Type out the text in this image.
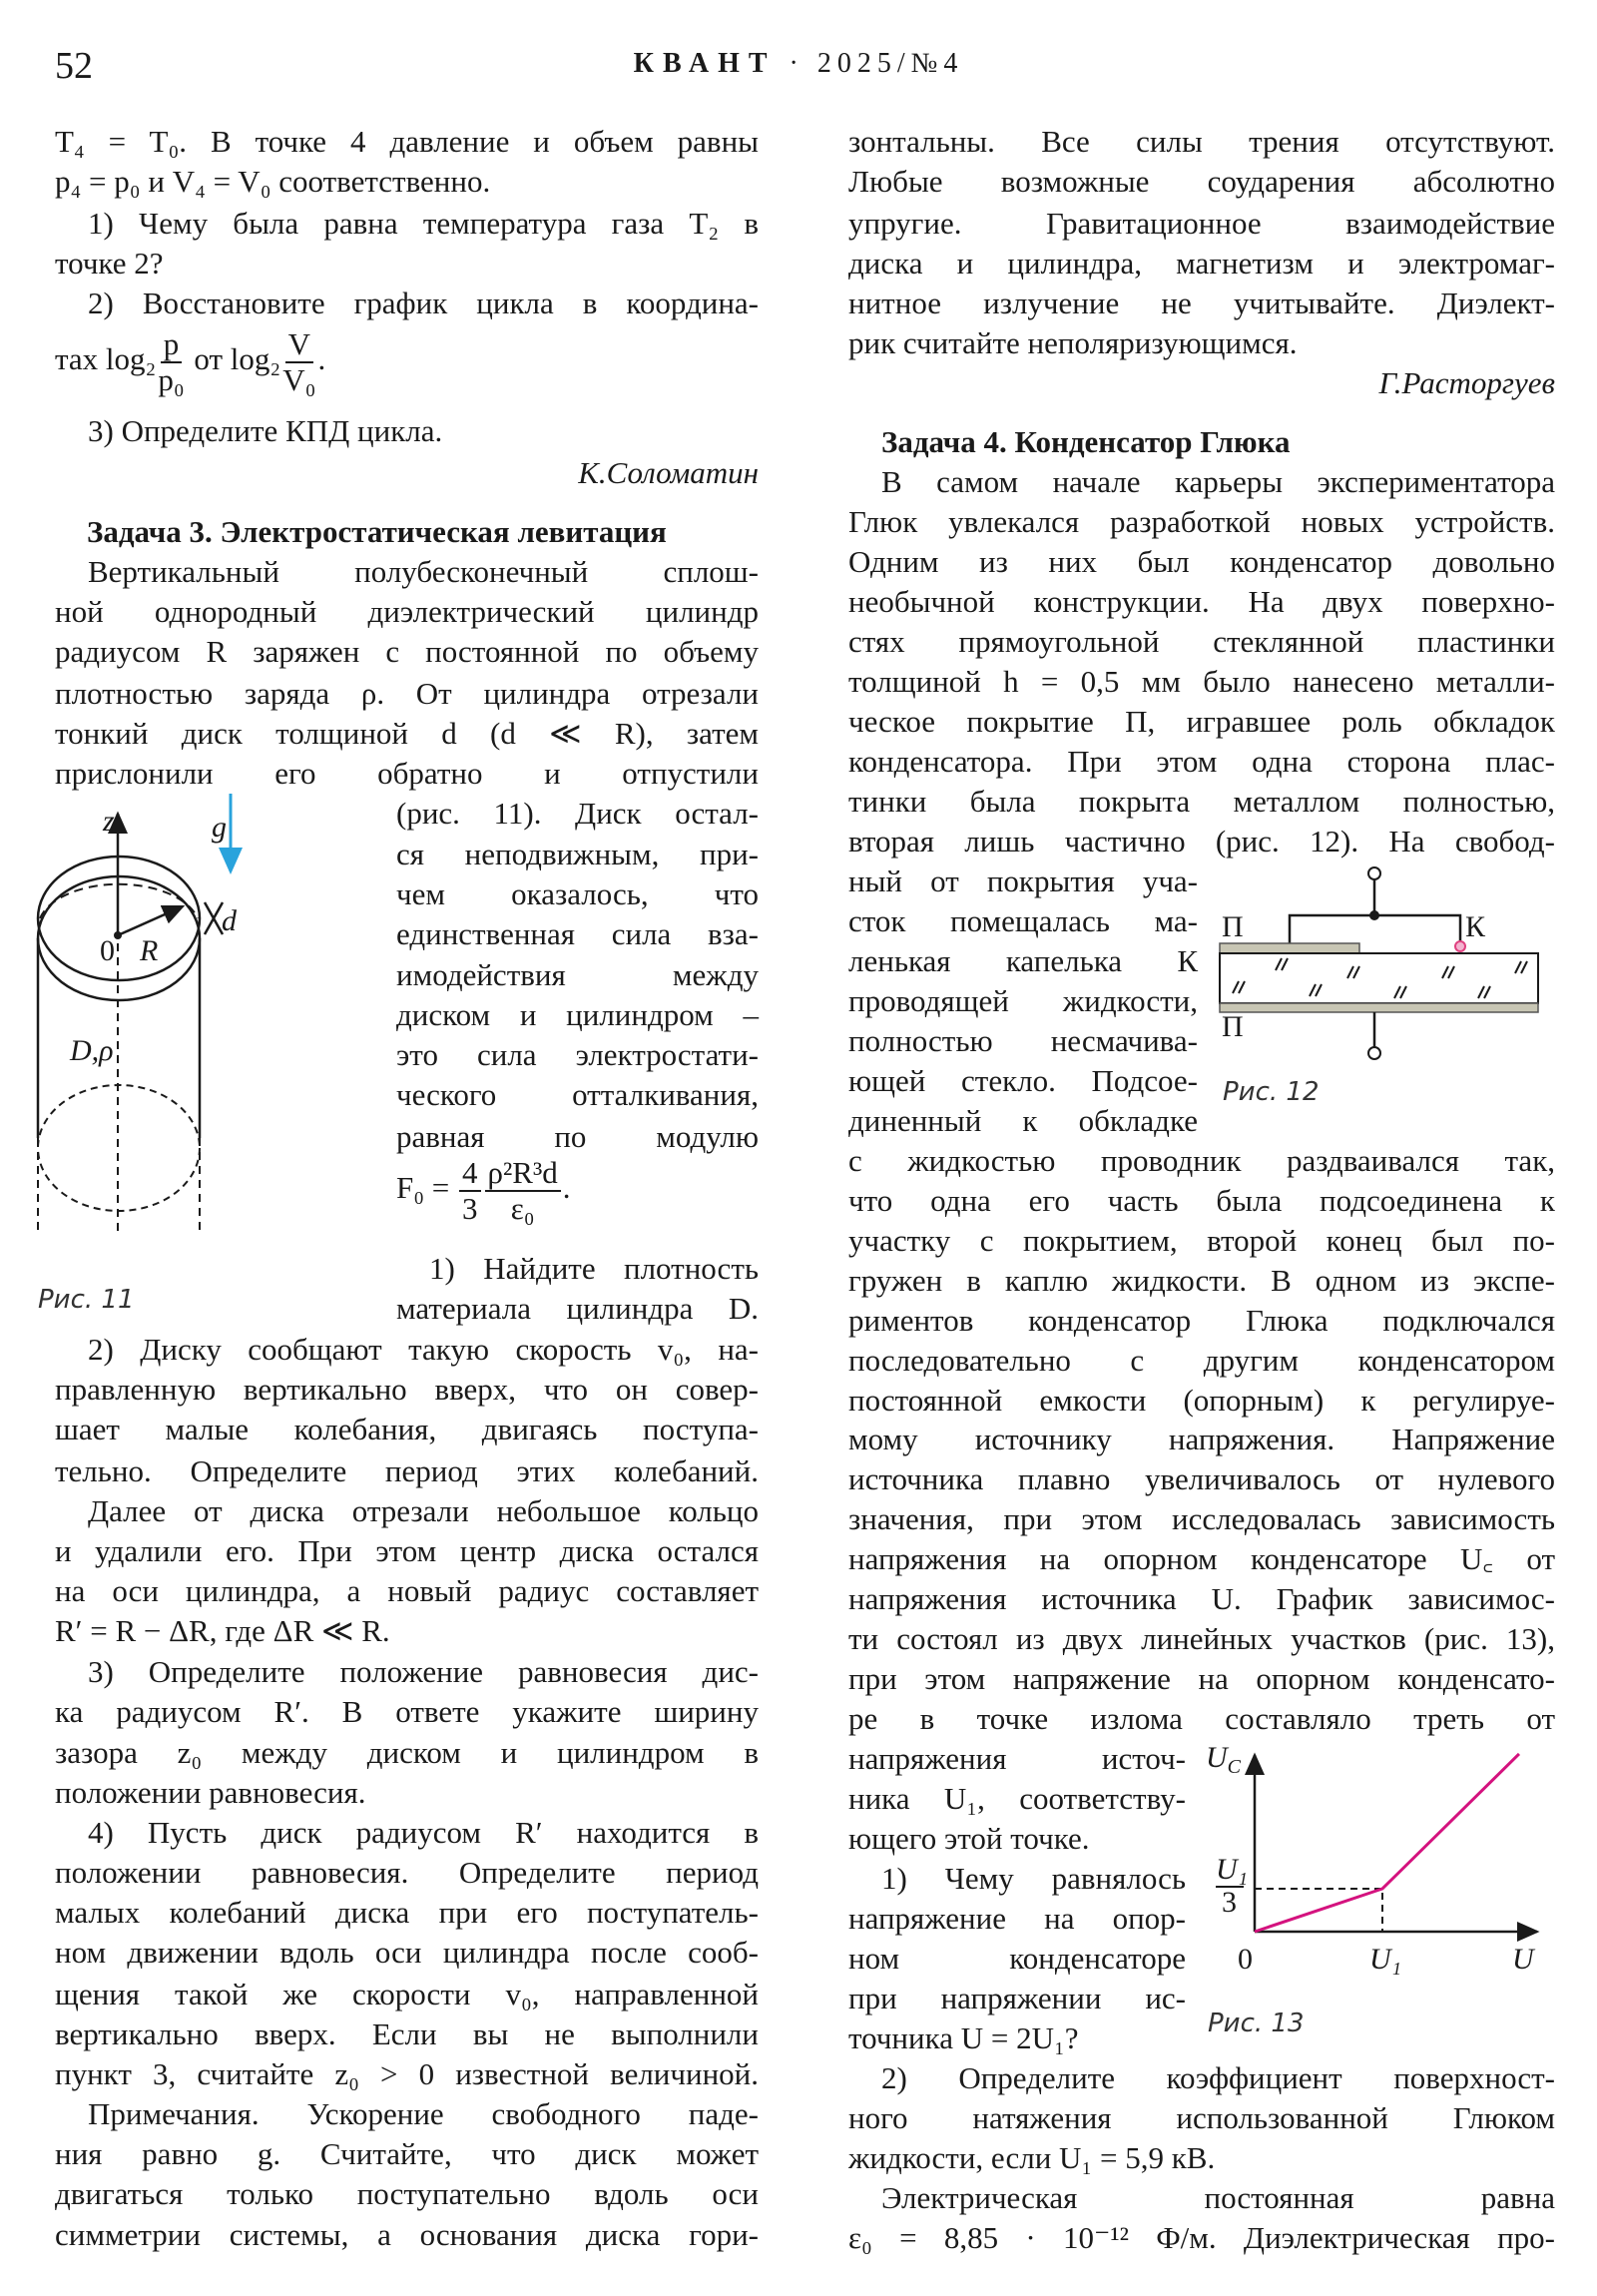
52	КВАНТ · 2025/№4
T₄ = T₀. В точке 4 давление и объем равны
p₄ = p₀ и V₄ = V₀ соответственно.
1) Чему была равна температура газа T₂ в
точке 2?
2) Восстановите график цикла в координа-
3) Определите КПД цикла.
Вертикальный полубесконечный сплош-
ной однородный диэлектрический цилиндр
радиусом R заряжен с постоянной по объему
плотностью заряда ρ. От цилиндра отрезали
тонкий диск толщиной d (d ≪ R), затем
прислонили его обратно и отпустили
(рис. 11). Диск остал-
ся неподвижным, при-
чем оказалось, что
единственная сила вза-
имодействия между
диском и цилиндром –
это сила электростати-
ческого отталкивания,
равная по модулю
1) Найдите плотность
материала цилиндра D.
2) Диску сообщают такую скорость v₀, на-
правленную вертикально вверх, что он совер-
шает малые колебания, двигаясь поступа-
тельно. Определите период этих колебаний.
Далее от диска отрезали небольшое кольцо
и удалили его. При этом центр диска остался
на оси цилиндра, а новый радиус составляет
R′ = R − ΔR, где ΔR ≪ R.
3) Определите положение равновесия дис-
ка радиусом R′. В ответе укажите ширину
зазора z₀ между диском и цилиндром в
положении равновесия.
4) Пусть диск радиусом R′ находится в
положении равновесия. Определите период
малых колебаний диска при его поступатель-
ном движении вдоль оси цилиндра после сооб-
щения такой же скорости v₀, направленной
вертикально вверх. Если вы не выполнили
пункт 3, считайте z₀ > 0 известной величиной.
Примечания. Ускорение свободного паде-
ния равно g. Считайте, что диск может
двигаться только поступательно вдоль оси
симметрии системы, а основания диска гори-
зонтальны. Все силы трения отсутствуют.
Любые возможные соударения абсолютно
упругие. Гравитационное взаимодействие
диска и цилиндра, магнетизм и электромаг-
нитное излучение не учитывайте. Диэлект-
рик считайте неполяризующимся.
В самом начале карьеры экспериментатора
Глюк увлекался разработкой новых устройств.
Одним из них был конденсатор довольно
необычной конструкции. На двух поверхно-
стях прямоугольной стеклянной пластинки
толщиной h = 0,5 мм было нанесено металли-
ческое покрытие П, игравшее роль обкладок
конденсатора. При этом одна сторона плас-
тинки была покрыта металлом полностью,
вторая лишь частично (рис. 12). На свобод-
ный от покрытия уча-
сток помещалась ма-
ленькая капелька К
проводящей жидкости,
полностью несмачива-
ющей стекло. Подсое-
диненный к обкладке
с жидкостью проводник раздваивался так,
что одна его часть была подсоединена к
участку с покрытием, второй конец был по-
гружен в каплю жидкости. В одном из экспе-
риментов конденсатор Глюка подключался
последовательно с другим конденсатором
постоянной емкости (опорным) к регулируе-
мому источнику напряжения. Напряжение
источника плавно увеличивалось от нулевого
значения, при этом исследовалась зависимость
напряжения на опорном конденсаторе U꜀ от
напряжения источника U. График зависимос-
ти состоял из двух линейных участков (рис. 13),
при этом напряжение на опорном конденсато-
ре в точке излома составляло треть от
напряжения источ-
ника U₁, соответству-
ющего этой точке.
1) Чему равнялось
напряжение на опор-
ном конденсаторе
при напряжении ис-
точника U = 2U₁?
2) Определите коэффициент поверхност-
ного натяжения использованной Глюком
жидкости, если U₁ = 5,9 кВ.
Электрическая постоянная равна
ε₀ = 8,85 · 10⁻¹² Ф/м. Диэлектрическая про-
тах $\log_2 \frac{p}{\text{p₀}}$ от $\log_2 \frac{V}{\text{V₀}}$ .
К.Соломатин
Задача 3. Электростатическая левитация
$F_0 = \frac{4}{3} \frac{\text{ρ²R³d}}{\text{ε₀}}$ .
Г.Расторгуев
Задача 4. Конденсатор Глюка
z	g
0 R
d
D,ρ
Рис. 11
П
П
К
Рис. 12
$U_C$
U₁
3
0	U₁	U
Рис. 13
